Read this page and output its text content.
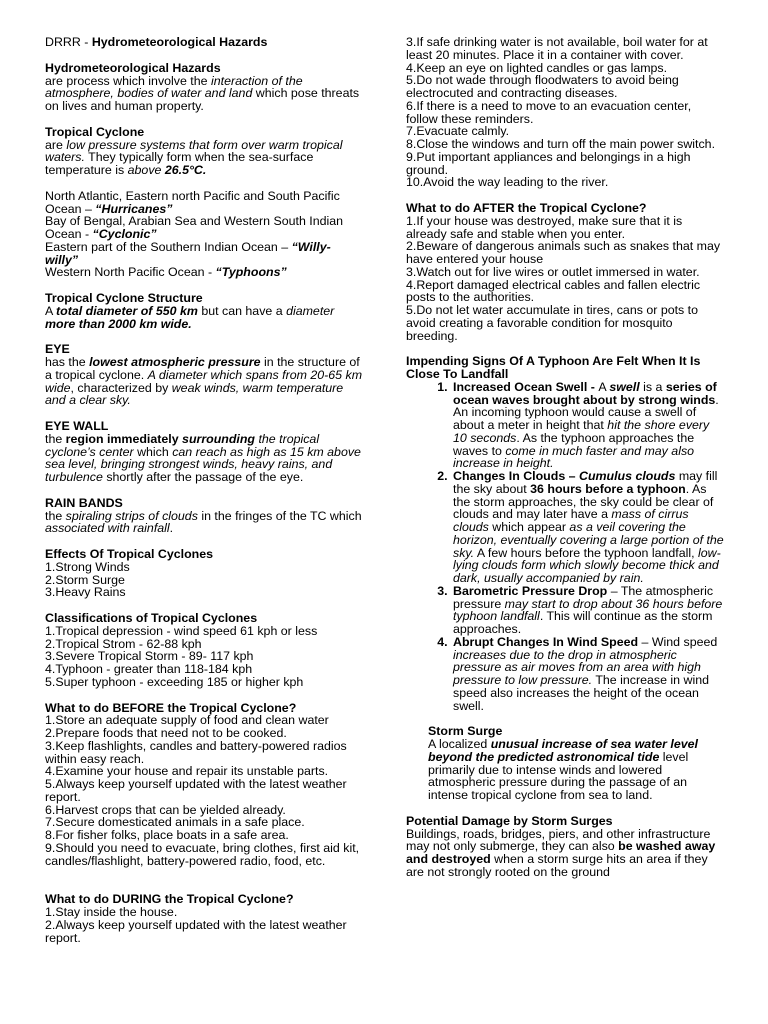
DRRR - Hydrometeorological Hazards
Hydrometeorological Hazards
are process which involve the interaction of the atmosphere, bodies of water and land which pose threats on lives and human property.
Tropical Cyclone
are low pressure systems that form over warm tropical waters. They typically form when the sea-surface temperature is above 26.5°C.
North Atlantic, Eastern north Pacific and South Pacific Ocean – “Hurricanes”
Bay of Bengal, Arabian Sea and Western South Indian Ocean - “Cyclonic”
Eastern part of the Southern Indian Ocean – “Willy- willy”
Western North Pacific Ocean - “Typhoons”
Tropical Cyclone Structure
A total diameter of 550 km but can have a diameter more than 2000 km wide.
EYE
has the lowest atmospheric pressure in the structure of a tropical cyclone. A diameter which spans from 20-65 km wide, characterized by weak winds, warm temperature and a clear sky.
EYE WALL
the region immediately surrounding the tropical cyclone’s center which can reach as high as 15 km above sea level, bringing strongest winds, heavy rains, and turbulence shortly after the passage of the eye.
RAIN BANDS
the spiraling strips of clouds in the fringes of the TC which associated with rainfall.
Effects Of Tropical Cyclones
1.Strong Winds
2.Storm Surge
3.Heavy Rains
Classifications of Tropical Cyclones
1.Tropical depression - wind speed 61 kph or less
2.Tropical Strom - 62-88 kph
3.Severe Tropical Storm - 89- 117 kph
4.Typhoon - greater than 118-184 kph
5.Super typhoon - exceeding 185 or higher kph
What to do BEFORE the Tropical Cyclone?
1.Store an adequate supply of food and clean water
2.Prepare foods that need not to be cooked.
3.Keep flashlights, candles and battery-powered radios within easy reach.
4.Examine your house and repair its unstable parts.
5.Always keep yourself updated with the latest weather report.
6.Harvest crops that can be yielded already.
7.Secure domesticated animals in a safe place.
8.For fisher folks, place boats in a safe area.
9.Should you need to evacuate, bring clothes, first aid kit, candles/flashlight, battery-powered radio, food, etc.
What to do DURING the Tropical Cyclone?
1.Stay inside the house.
2.Always keep yourself updated with the latest weather report.
3.If safe drinking water is not available, boil water for at least 20 minutes. Place it in a container with cover.
4.Keep an eye on lighted candles or gas lamps.
5.Do not wade through floodwaters to avoid being electrocuted and contracting diseases.
6.If there is a need to move to an evacuation center, follow these reminders.
7.Evacuate calmly.
8.Close the windows and turn off the main power switch.
9.Put important appliances and belongings in a high ground.
10.Avoid the way leading to the river.
What to do AFTER the Tropical Cyclone?
1.If your house was destroyed, make sure that it is already safe and stable when you enter.
2.Beware of dangerous animals such as snakes that may have entered your house
3.Watch out for live wires or outlet immersed in water.
4.Report damaged electrical cables and fallen electric posts to the authorities.
5.Do not let water accumulate in tires, cans or pots to avoid creating a favorable condition for mosquito breeding.
Impending Signs Of A Typhoon Are Felt When It Is Close To Landfall
1. Increased Ocean Swell - A swell is a series of ocean waves brought about by strong winds. An incoming typhoon would cause a swell of about a meter in height that hit the shore every 10 seconds. As the typhoon approaches the waves to come in much faster and may also increase in height.
2. Changes In Clouds – Cumulus clouds may fill the sky about 36 hours before a typhoon. As the storm approaches, the sky could be clear of clouds and may later have a mass of cirrus clouds which appear as a veil covering the horizon, eventually covering a large portion of the sky. A few hours before the typhoon landfall, low-lying clouds form which slowly become thick and dark, usually accompanied by rain.
3. Barometric Pressure Drop – The atmospheric pressure may start to drop about 36 hours before typhoon landfall. This will continue as the storm approaches.
4. Abrupt Changes In Wind Speed – Wind speed increases due to the drop in atmospheric pressure as air moves from an area with high pressure to low pressure. The increase in wind speed also increases the height of the ocean swell.
Storm Surge
A localized unusual increase of sea water level beyond the predicted astronomical tide level primarily due to intense winds and lowered atmospheric pressure during the passage of an intense tropical cyclone from sea to land.
Potential Damage by Storm Surges
Buildings, roads, bridges, piers, and other infrastructure may not only submerge, they can also be washed away and destroyed when a storm surge hits an area if they are not strongly rooted on the ground
